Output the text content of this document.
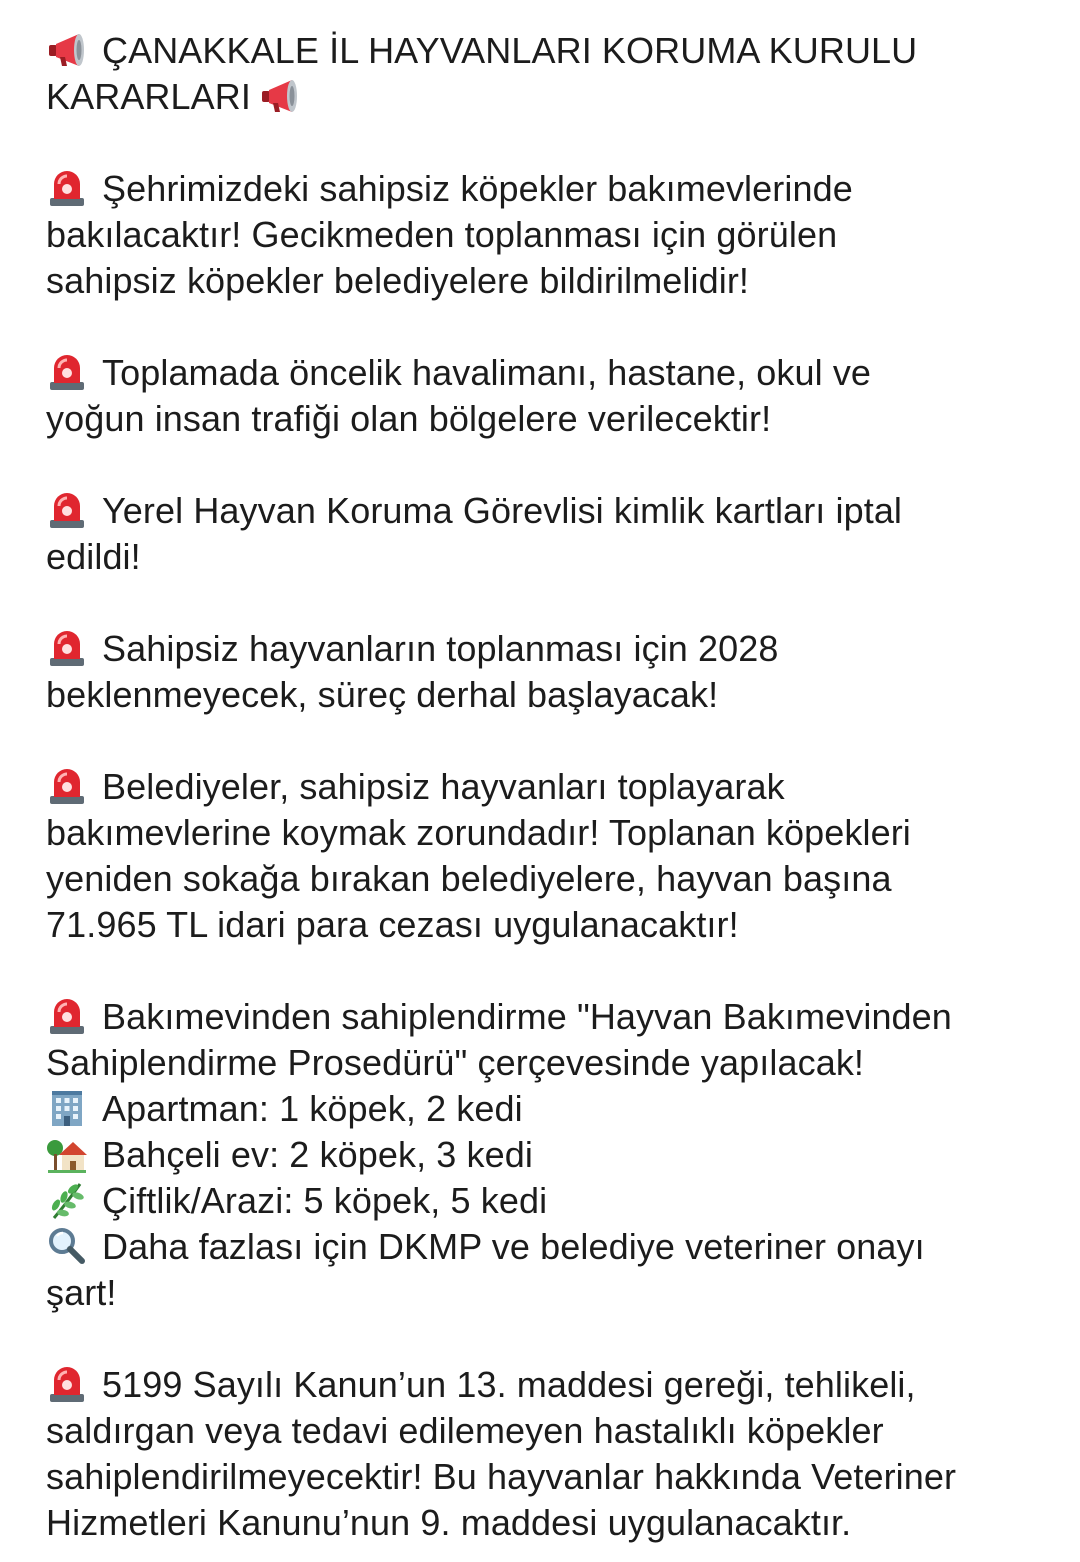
ÇANAKKALE İL HAYVANLARI KORUMA KURULU
KARARLARI
Şehrimizdeki sahipsiz köpekler bakımevlerinde
bakılacaktır! Gecikmeden toplanması için görülen
sahipsiz köpekler belediyelere bildirilmelidir!
Toplamada öncelik havalimanı, hastane, okul ve
yoğun insan trafiği olan bölgelere verilecektir!
Yerel Hayvan Koruma Görevlisi kimlik kartları iptal
edildi!
Sahipsiz hayvanların toplanması için 2028
beklenmeyecek, süreç derhal başlayacak!
Belediyeler, sahipsiz hayvanları toplayarak
bakımevlerine koymak zorundadır! Toplanan köpekleri
yeniden sokağa bırakan belediyelere, hayvan başına
71.965 TL idari para cezası uygulanacaktır!
Bakımevinden sahiplendirme "Hayvan Bakımevinden
Sahiplendirme Prosedürü" çerçevesinde yapılacak!
Apartman: 1 köpek, 2 kedi
Bahçeli ev: 2 köpek, 3 kedi
Çiftlik/Arazi: 5 köpek, 5 kedi
Daha fazlası için DKMP ve belediye veteriner onayı
şart!
5199 Sayılı Kanun’un 13. maddesi gereği, tehlikeli,
saldırgan veya tedavi edilemeyen hastalıklı köpekler
sahiplendirilmeyecektir! Bu hayvanlar hakkında Veteriner
Hizmetleri Kanunu’nun 9. maddesi uygulanacaktır.
